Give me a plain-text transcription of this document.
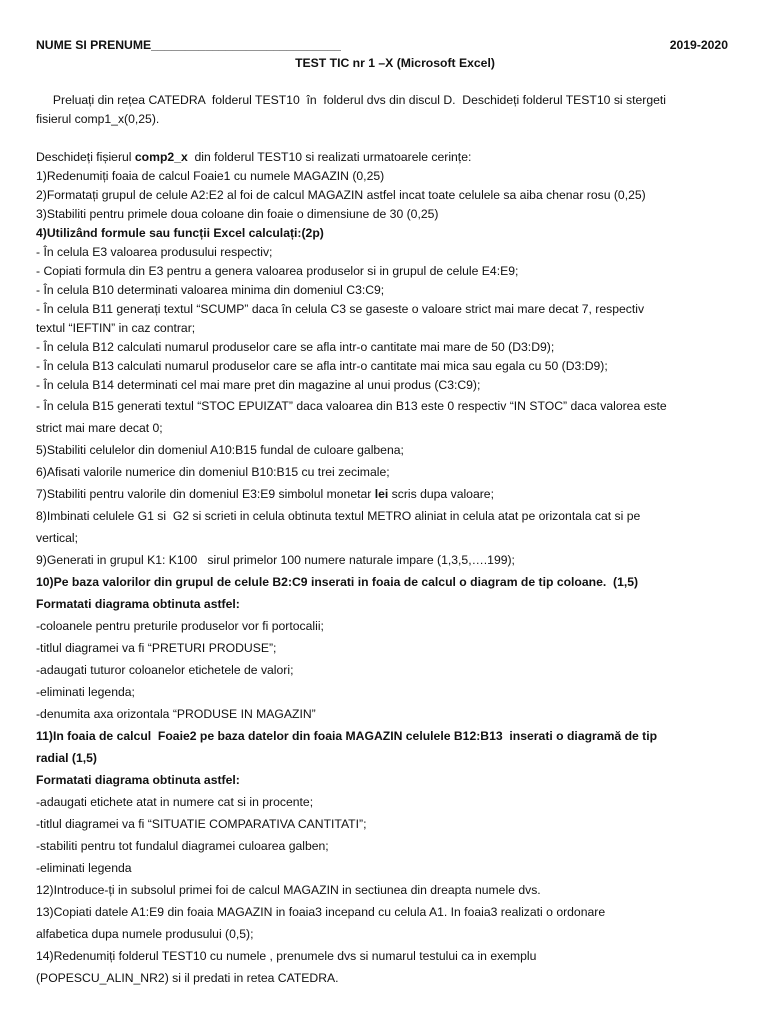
NUME SI PRENUME____________________________	2019-2020
TEST TIC nr 1 –X (Microsoft Excel)

Preluați din rețea CATEDRA  folderul TEST10  în  folderul dvs din discul D.  Deschideți folderul TEST10 si stergeti

fisierul comp1_x(0,25).

Deschideți fișierul comp2_x  din folderul TEST10 si realizati urmatoarele cerințe:

1)Redenumiți foaia de calcul Foaie1 cu numele MAGAZIN (0,25)

2)Formatați grupul de celule A2:E2 al foi de calcul MAGAZIN astfel incat toate celulele sa aiba chenar rosu (0,25)

3)Stabiliti pentru primele doua coloane din foaie o dimensiune de 30 (0,25)

4)Utilizând formule sau funcții Excel calculați:(2p)

- În celula E3 valoarea produsului respectiv;

- Copiati formula din E3 pentru a genera valoarea produselor si in grupul de celule E4:E9;

- În celula B10 determinati valoarea minima din domeniul C3:C9;

- În celula B11 generați textul “SCUMP” daca în celula C3 se gaseste o valoare strict mai mare decat 7, respectiv

textul “IEFTIN” in caz contrar;

- În celula B12 calculati numarul produselor care se afla intr-o cantitate mai mare de 50 (D3:D9);

- În celula B13 calculati numarul produselor care se afla intr-o cantitate mai mica sau egala cu 50 (D3:D9);

- În celula B14 determinati cel mai mare pret din magazine al unui produs (C3:C9);

- În celula B15 generati textul “STOC EPUIZAT” daca valoarea din B13 este 0 respectiv “IN STOC” daca valorea este

strict mai mare decat 0;

5)Stabiliti celulelor din domeniul A10:B15 fundal de culoare galbena;

6)Afisati valorile numerice din domeniul B10:B15 cu trei zecimale;

7)Stabiliti pentru valorile din domeniul E3:E9 simbolul monetar lei scris dupa valoare;

8)Imbinati celulele G1 si  G2 si scrieti in celula obtinuta textul METRO aliniat in celula atat pe orizontala cat si pe

vertical;

9)Generati in grupul K1: K100   sirul primelor 100 numere naturale impare (1,3,5,….199);

10)Pe baza valorilor din grupul de celule B2:C9 inserati in foaia de calcul o diagram de tip coloane.  (1,5)

Formatati diagrama obtinuta astfel:

-coloanele pentru preturile produselor vor fi portocalii;

-titlul diagramei va fi “PRETURI PRODUSE”;

-adaugati tuturor coloanelor etichetele de valori;

-eliminati legenda;

-denumita axa orizontala “PRODUSE IN MAGAZIN”

11)In foaia de calcul  Foaie2 pe baza datelor din foaia MAGAZIN celulele B12:B13  inserati o diagramă de tip

radial (1,5)

Formatati diagrama obtinuta astfel:

-adaugati etichete atat in numere cat si in procente;

-titlul diagramei va fi “SITUATIE COMPARATIVA CANTITATI”;

-stabiliti pentru tot fundalul diagramei culoarea galben;

-eliminati legenda

12)Introduce-ți in subsolul primei foi de calcul MAGAZIN in sectiunea din dreapta numele dvs.

13)Copiati datele A1:E9 din foaia MAGAZIN in foaia3 incepand cu celula A1. In foaia3 realizati o ordonare

alfabetica dupa numele produsului (0,5);

14)Redenumiți folderul TEST10 cu numele , prenumele dvs si numarul testului ca in exemplu

(POPESCU_ALIN_NR2) si il predati in retea CATEDRA.
